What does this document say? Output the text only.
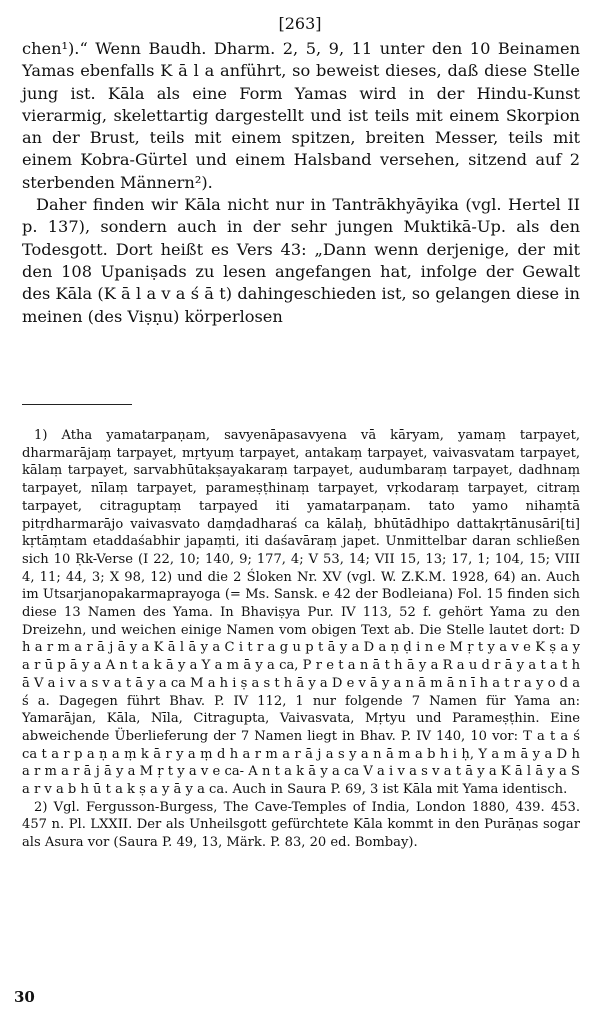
[263]

chen¹).“ Wenn Baudh. Dharm. 2, 5, 9, 11 unter den 10 Beinamen Yamas ebenfalls K ā l a anführt, so beweist dieses, daß diese Stelle jung ist. Kāla als eine Form Yamas wird in der Hindu-Kunst vierarmig, skelettartig dargestellt und ist teils mit einem Skorpion an der Brust, teils mit einem spitzen, breiten Messer, teils mit einem Kobra-Gürtel und einem Halsband versehen, sitzend auf 2 sterbenden Männern²).

Daher finden wir Kāla nicht nur in Tantrākhyāyika (vgl. Hertel II p. 137), sondern auch in der sehr jungen Muktikā-Up. als den Todesgott. Dort heißt es Vers 43: „Dann wenn derjenige, der mit den 108 Upaniṣads zu lesen angefangen hat, infolge der Gewalt des Kāla (K ā l a v a ś ā t) dahingeschieden ist, so gelangen diese in meinen (des Viṣṇu) körperlosen

1) Atha yamatarpaṇam, savyenāpasavyena vā kāryam, yamaṃ tarpayet, dharmarājaṃ tarpayet, mṛtyuṃ tarpayet, antakaṃ tarpayet, vaivasvatam tarpayet, kālaṃ tarpayet, sarvabhūtakṣayakaraṃ tarpayet, audumbaraṃ tarpayet, dadhnaṃ tarpayet, nīlaṃ tarpayet, parameṣṭhinaṃ tarpayet, vṛkodaraṃ tarpayet, citraṃ tarpayet, citraguptaṃ tarpayed iti yamatarpaṇam. tato yamo nihaṃtā pitṛdharmarājo vaivasvato daṃḍadharaś ca kālaḥ, bhūtādhipo dattakṛtānusāri[ti] kṛtāṃtam etaddaśabhir japaṃti, iti daśavāraṃ japet. Unmittelbar daran schließen sich 10 Ṛk-Verse (I 22, 10; 140, 9; 177, 4; V 53, 14; VII 15, 13; 17, 1; 104, 15; VIII 4, 11; 44, 3; X 98, 12) und die 2 Śloken Nr. XV (vgl. W. Z.K.M. 1928, 64) an. Auch im Utsarjanopakarmaprayoga (= Ms. Sansk. e 42 der Bodleiana) Fol. 15 finden sich diese 13 Namen des Yama. In Bhaviṣya Pur. IV 113, 52 f. gehört Yama zu den Dreizehn, und weichen einige Namen vom obigen Text ab. Die Stelle lautet dort: D h a r m a r ā j ā y a K ā l ā y a C i t r a g u p t ā y a D a ṇ ḍ i n e M ṛ t y a v e K ṣ a y a r ū p ā y a A n t a k ā y a Y a m ā y a ca, P r e t a n ā t h ā y a R a u d r ā y a t a t h ā V a i v a s v a t ā y a ca M a h i ṣ a s t h ā y a D e v ā y a n ā m ā n ī h a t r a y o d a ś a. Dagegen führt Bhav. P. IV 112, 1 nur folgende 7 Namen für Yama an: Yamarājan, Kāla, Nīla, Citragupta, Vaivasvata, Mṛtyu und Parameṣṭhin. Eine abweichende Überlieferung der 7 Namen liegt in Bhav. P. IV 140, 10 vor: T a t a ś ca t a r p a ṇ a ṃ k ā r y a ṃ d h a r m a r ā j a s y a n ā m a b h i ḥ, Y a m ā y a D h a r m a r ā j ā y a M ṛ t y a v e ca- A n t a k ā y a ca V a i v a s v a t ā y a K ā l ā y a S a r v a b h ū t a k ṣ a y ā y a ca. Auch in Saura P. 69, 3 ist Kāla mit Yama identisch.

2) Vgl. Fergusson-Burgess, The Cave-Temples of India, London 1880, 439. 453. 457 n. Pl. LXXII. Der als Unheilsgott gefürchtete Kāla kommt in den Purāṇas sogar als Asura vor (Saura P. 49, 13, Märk. P. 83, 20 ed. Bombay).

30
